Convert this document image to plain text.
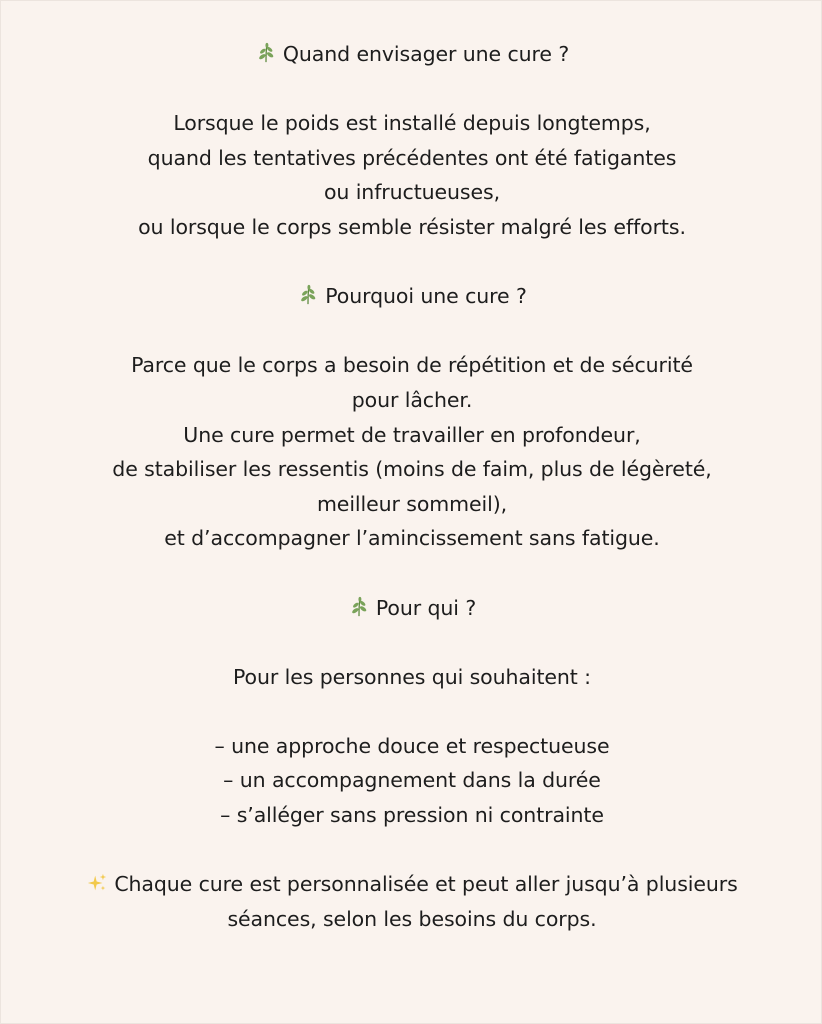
Quand envisager une cure ?
Lorsque le poids est installé depuis longtemps,
quand les tentatives précédentes ont été fatigantes
ou infructueuses,
ou lorsque le corps semble résister malgré les efforts.
Pourquoi une cure ?
Parce que le corps a besoin de répétition et de sécurité
pour lâcher.
Une cure permet de travailler en profondeur,
de stabiliser les ressentis (moins de faim, plus de légèreté,
meilleur sommeil),
et d’accompagner l’amincissement sans fatigue.
Pour qui ?
Pour les personnes qui souhaitent :
– une approche douce et respectueuse
– un accompagnement dans la durée
– s’alléger sans pression ni contrainte
Chaque cure est personnalisée et peut aller jusqu’à plusieurs
séances, selon les besoins du corps.
